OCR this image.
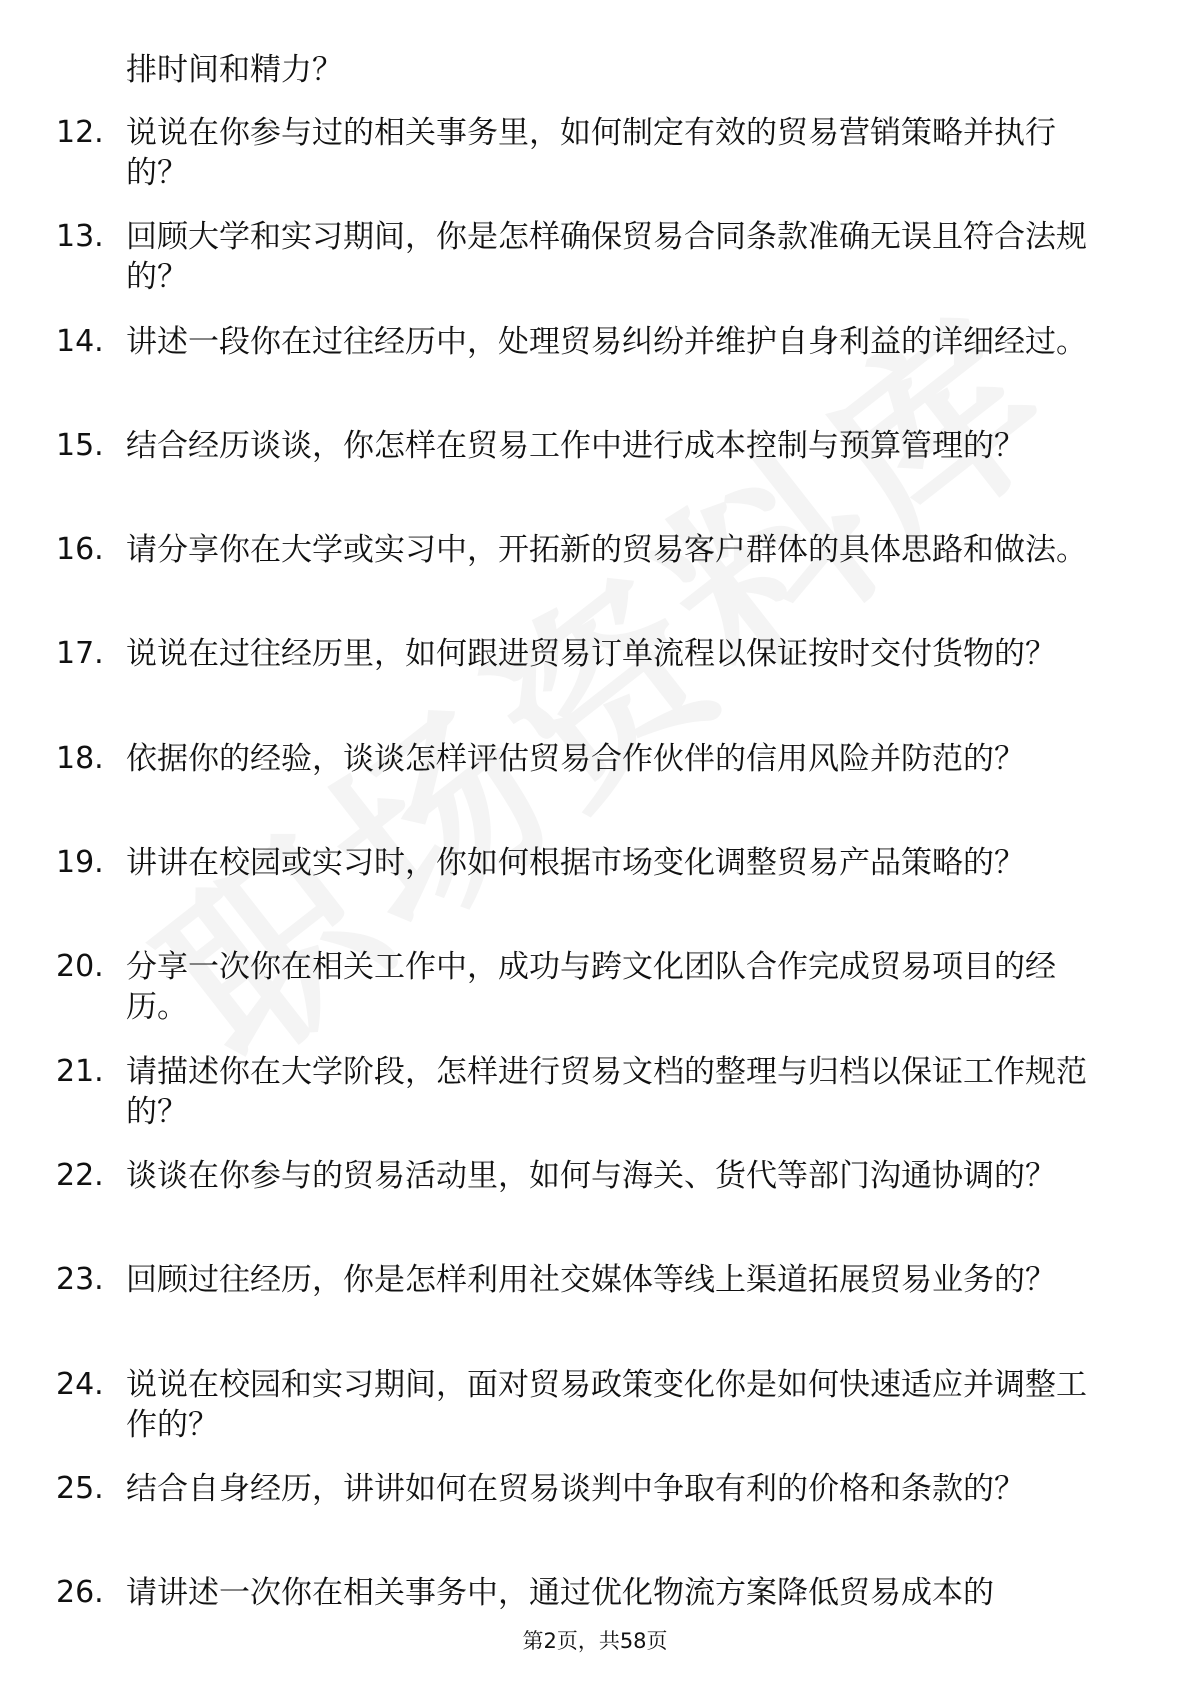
排时间和精力？

12. 说说在你参与过的相关事务里，如何制定有效的贸易营销策略并执行的？
13. 回顾大学和实习期间，你是怎样确保贸易合同条款准确无误且符合法规的？
14. 讲述一段你在过往经历中，处理贸易纠纷并维护自身利益的详细经过。
15. 结合经历谈谈，你怎样在贸易工作中进行成本控制与预算管理的？
16. 请分享你在大学或实习中，开拓新的贸易客户群体的具体思路和做法。
17. 说说在过往经历里，如何跟进贸易订单流程以保证按时交付货物的？
18. 依据你的经验，谈谈怎样评估贸易合作伙伴的信用风险并防范的？
19. 讲讲在校园或实习时，你如何根据市场变化调整贸易产品策略的？
20. 分享一次你在相关工作中，成功与跨文化团队合作完成贸易项目的经历。
21. 请描述你在大学阶段，怎样进行贸易文档的整理与归档以保证工作规范的？
22. 谈谈在你参与的贸易活动里，如何与海关、货代等部门沟通协调的？
23. 回顾过往经历，你是怎样利用社交媒体等线上渠道拓展贸易业务的？
24. 说说在校园和实习期间，面对贸易政策变化你是如何快速适应并调整工作的？
25. 结合自身经历，讲讲如何在贸易谈判中争取有利的价格和条款的？
26. 请讲述一次你在相关事务中，通过优化物流方案降低贸易成本的
第2页，共58页
